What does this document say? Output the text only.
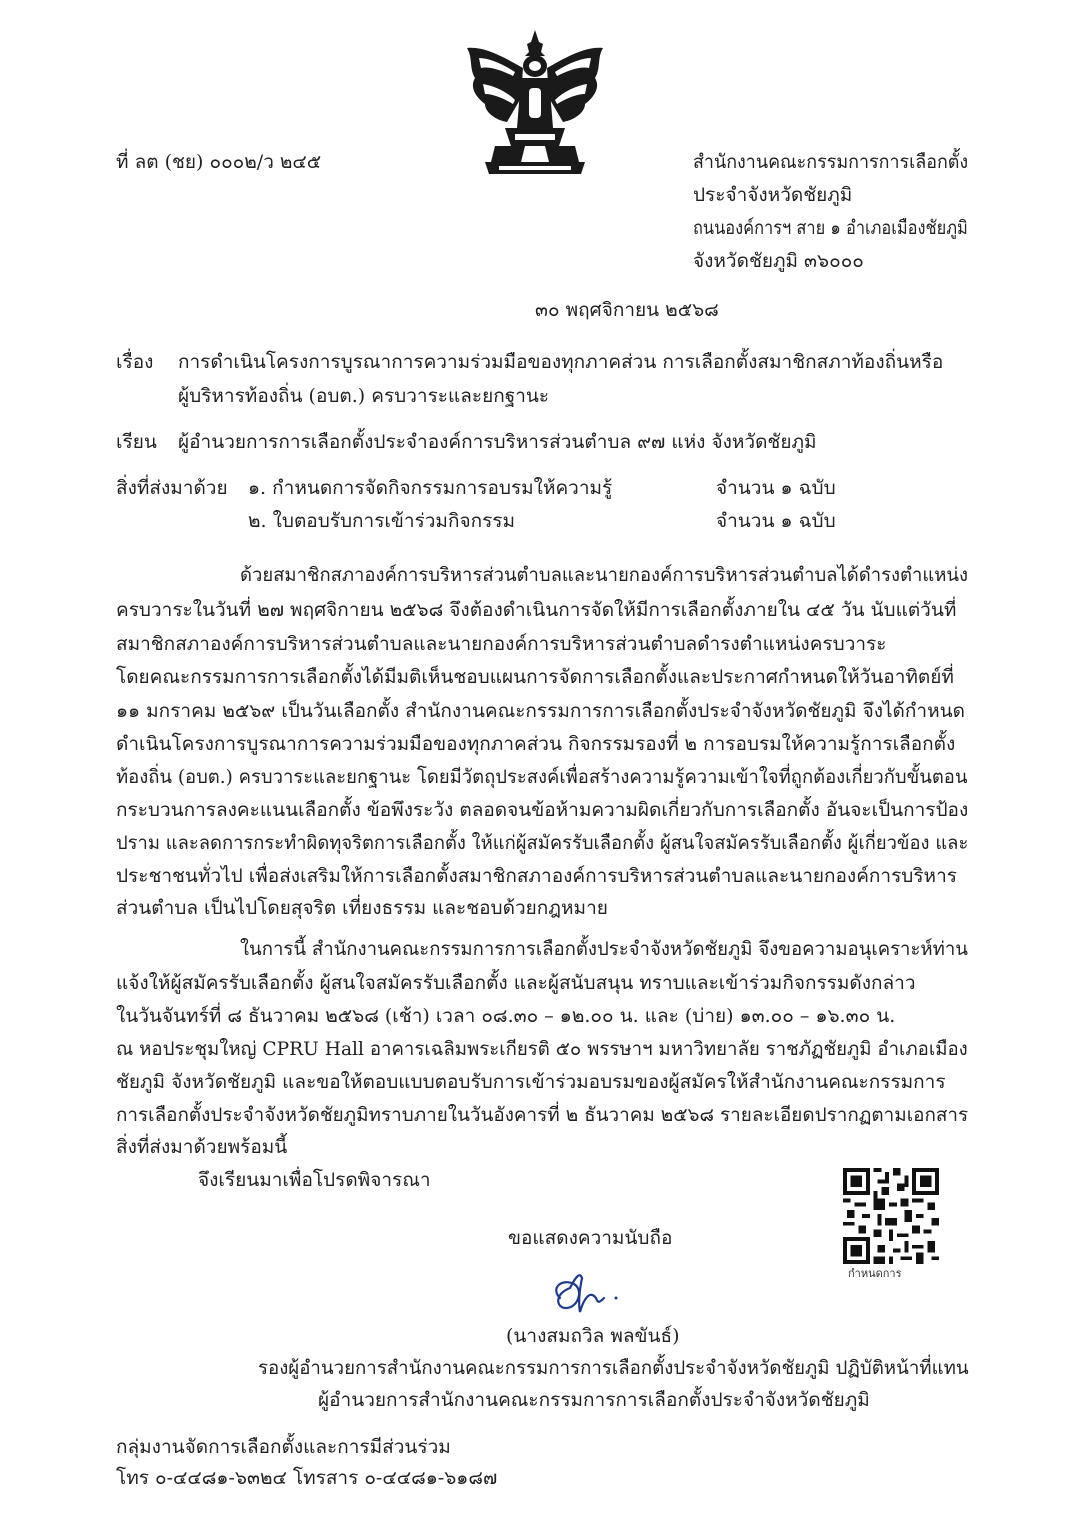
ที่ ลต (ชย) ๐๐๐๒/ว ๒๔๕	สำนักงานคณะกรรมการการเลือกตั้ง
ประจำจังหวัดชัยภูมิ
ถนนองค์การฯ สาย ๑ อำเภอเมืองชัยภูมิ
จังหวัดชัยภูมิ ๓๖๐๐๐
๓๐ พฤศจิกายน ๒๕๖๘
เรื่อง การดำเนินโครงการบูรณาการความร่วมมือของทุกภาคส่วน การเลือกตั้งสมาชิกสภาท้องถิ่นหรือ
ผู้บริหารท้องถิ่น (อบต.) ครบวาระและยกฐานะ
เรียน ผู้อำนวยการการเลือกตั้งประจำองค์การบริหารส่วนตำบล ๙๗ แห่ง จังหวัดชัยภูมิ
สิ่งที่ส่งมาด้วย ๑. กำหนดการจัดกิจกรรมการอบรมให้ความรู้	จำนวน ๑ ฉบับ
๒. ใบตอบรับการเข้าร่วมกิจกรรม	จำนวน ๑ ฉบับ
ด้วยสมาชิกสภาองค์การบริหารส่วนตำบลและนายกองค์การบริหารส่วนตำบลได้ดำรงตำแหน่ง
ครบวาระในวันที่ ๒๗ พฤศจิกายน ๒๕๖๘ จึงต้องดำเนินการจัดให้มีการเลือกตั้งภายใน ๔๕ วัน นับแต่วันที่
สมาชิกสภาองค์การบริหารส่วนตำบลและนายกองค์การบริหารส่วนตำบลดำรงตำแหน่งครบวาระ
โดยคณะกรรมการการเลือกตั้งได้มีมติเห็นชอบแผนการจัดการเลือกตั้งและประกาศกำหนดให้วันอาทิตย์ที่
๑๑ มกราคม ๒๕๖๙ เป็นวันเลือกตั้ง สำนักงานคณะกรรมการการเลือกตั้งประจำจังหวัดชัยภูมิ จึงได้กำหนด
ดำเนินโครงการบูรณาการความร่วมมือของทุกภาคส่วน กิจกรรมรองที่ ๒ การอบรมให้ความรู้การเลือกตั้ง
ท้องถิ่น (อบต.) ครบวาระและยกฐานะ โดยมีวัตถุประสงค์เพื่อสร้างความรู้ความเข้าใจที่ถูกต้องเกี่ยวกับขั้นตอน
กระบวนการลงคะแนนเลือกตั้ง ข้อพึงระวัง ตลอดจนข้อห้ามความผิดเกี่ยวกับการเลือกตั้ง อันจะเป็นการป้อง
ปราม และลดการกระทำผิดทุจริตการเลือกตั้ง ให้แก่ผู้สมัครรับเลือกตั้ง ผู้สนใจสมัครรับเลือกตั้ง ผู้เกี่ยวข้อง และ
ประชาชนทั่วไป เพื่อส่งเสริมให้การเลือกตั้งสมาชิกสภาองค์การบริหารส่วนตำบลและนายกองค์การบริหาร
ส่วนตำบล เป็นไปโดยสุจริต เที่ยงธรรม และชอบด้วยกฎหมาย
ในการนี้ สำนักงานคณะกรรมการการเลือกตั้งประจำจังหวัดชัยภูมิ จึงขอความอนุเคราะห์ท่าน
แจ้งให้ผู้สมัครรับเลือกตั้ง ผู้สนใจสมัครรับเลือกตั้ง และผู้สนับสนุน ทราบและเข้าร่วมกิจกรรมดังกล่าว
ในวันจันทร์ที่ ๘ ธันวาคม ๒๕๖๘ (เช้า) เวลา ๐๘.๓๐ – ๑๒.๐๐ น. และ (บ่าย) ๑๓.๐๐ – ๑๖.๓๐ น.
ณ หอประชุมใหญ่ CPRU Hall อาคารเฉลิมพระเกียรติ ๕๐ พรรษาฯ มหาวิทยาลัย ราชภัฏชัยภูมิ อำเภอเมือง
ชัยภูมิ จังหวัดชัยภูมิ และขอให้ตอบแบบตอบรับการเข้าร่วมอบรมของผู้สมัครให้สำนักงานคณะกรรมการ
การเลือกตั้งประจำจังหวัดชัยภูมิทราบภายในวันอังคารที่ ๒ ธันวาคม ๒๕๖๘ รายละเอียดปรากฏตามเอกสาร
สิ่งที่ส่งมาด้วยพร้อมนี้
จึงเรียนมาเพื่อโปรดพิจารณา
กำหนดการ
ขอแสดงความนับถือ
(นางสมถวิล พลขันธ์)
รองผู้อำนวยการสำนักงานคณะกรรมการการเลือกตั้งประจำจังหวัดชัยภูมิ ปฏิบัติหน้าที่แทน
ผู้อำนวยการสำนักงานคณะกรรมการการเลือกตั้งประจำจังหวัดชัยภูมิ
กลุ่มงานจัดการเลือกตั้งและการมีส่วนร่วม
โทร ๐-๔๔๘๑-๖๓๒๔ โทรสาร ๐-๔๔๘๑-๖๑๘๗
